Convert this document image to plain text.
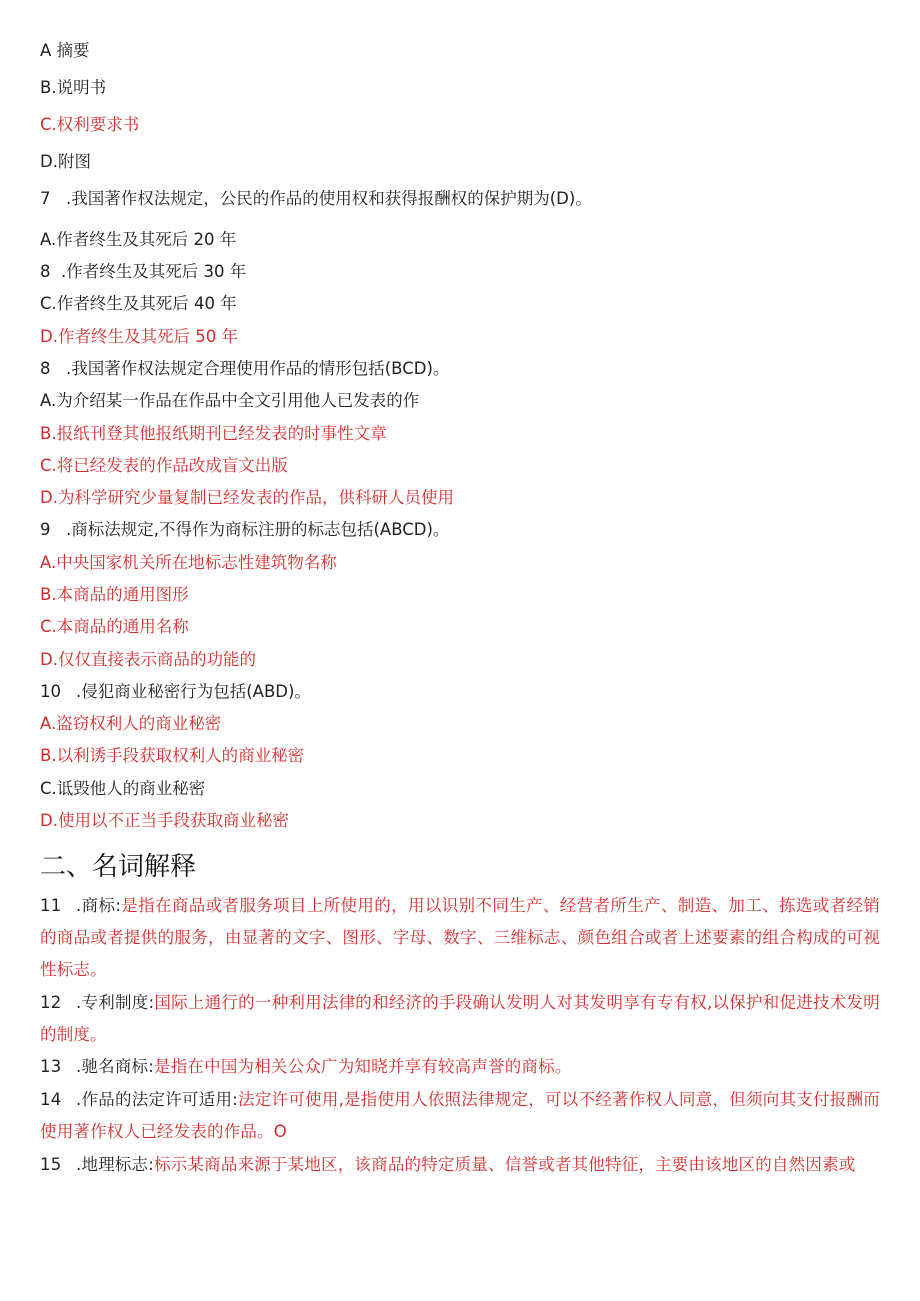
A 摘要

B.说明书

C.权利要求书

D.附图

7 .我国著作权法规定，公民的作品的使用权和获得报酬权的保护期为(D)。

A.作者终生及其死后 20 年

8  .作者终生及其死后 30 年

C.作者终生及其死后 40 年

D.作者终生及其死后 50 年

8 .我国著作权法规定合理使用作品的情形包括(BCD)。

A.为介绍某一作品在作品中全文引用他人已发表的作

B.报纸刊登其他报纸期刊已经发表的时事性文章

C.将已经发表的作品改成盲文出版

D.为科学研究少量复制已经发表的作品，供科研人员使用

9 .商标法规定,不得作为商标注册的标志包括(ABCD)。

A.中央国家机关所在地标志性建筑物名称

B.本商品的通用图形

C.本商品的通用名称

D.仅仅直接表示商品的功能的

10 .侵犯商业秘密行为包括(ABD)。

A.盗窃权利人的商业秘密

B.以利诱手段获取权利人的商业秘密

C.诋毁他人的商业秘密

D.使用以不正当手段获取商业秘密

二、名词解释

11 .商标:是指在商品或者服务项目上所使用的，用以识别不同生产、经营者所生产、制造、加工、拣选或者经销的商品或者提供的服务，由显著的文字、图形、字母、数字、三维标志、颜色组合或者上述要素的组合构成的可视性标志。

12 .专利制度:国际上通行的一种利用法律的和经济的手段确认发明人对其发明享有专有权,以保护和促进技术发明的制度。

13 .驰名商标:是指在中国为相关公众广为知晓并享有较高声誉的商标。

14 .作品的法定许可适用:法定许可使用,是指使用人依照法律规定，可以不经著作权人同意，但须向其支付报酬而使用著作权人已经发表的作品。O

15 .地理标志:标示某商品来源于某地区，该商品的特定质量、信誉或者其他特征，主要由该地区的自然因素或
